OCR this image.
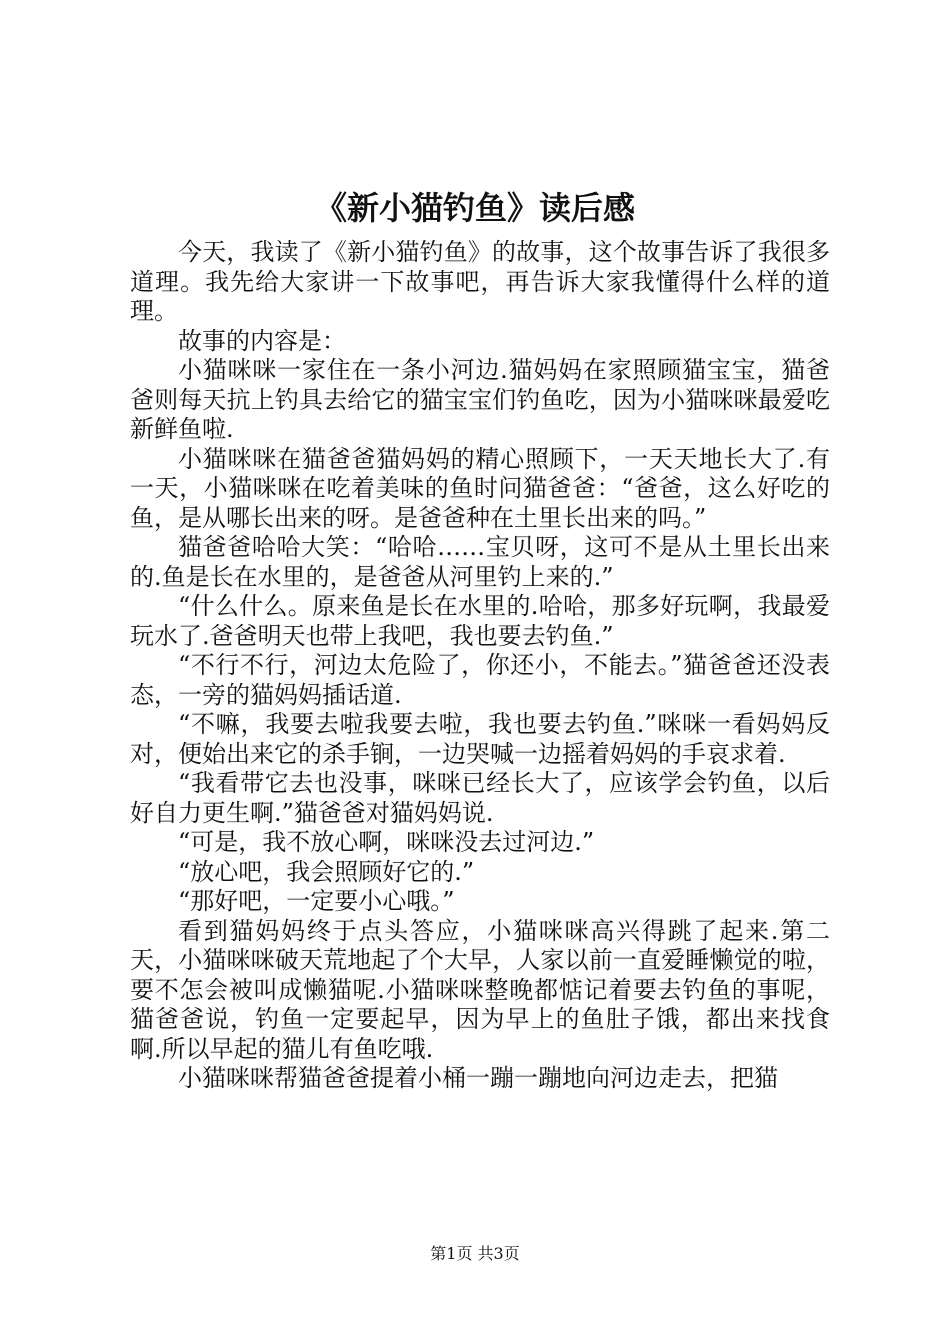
《新小猫钓鱼》读后感

今天，我读了《新小猫钓鱼》的故事，这个故事告诉了我很多道理。我先给大家讲一下故事吧，再告诉大家我懂得什么样的道理。

故事的内容是：

小猫咪咪一家住在一条小河边.猫妈妈在家照顾猫宝宝，猫爸爸则每天抗上钓具去给它的猫宝宝们钓鱼吃，因为小猫咪咪最爱吃新鲜鱼啦.

小猫咪咪在猫爸爸猫妈妈的精心照顾下，一天天地长大了.有一天，小猫咪咪在吃着美味的鱼时问猫爸爸：“爸爸，这么好吃的鱼，是从哪长出来的呀。是爸爸种在土里长出来的吗。”

猫爸爸哈哈大笑：“哈哈……宝贝呀，这可不是从土里长出来的.鱼是长在水里的，是爸爸从河里钓上来的.”

“什么什么。原来鱼是长在水里的.哈哈，那多好玩啊，我最爱玩水了.爸爸明天也带上我吧，我也要去钓鱼.”

“不行不行，河边太危险了，你还小，不能去。”猫爸爸还没表态，一旁的猫妈妈插话道.

“不嘛，我要去啦我要去啦，我也要去钓鱼.”咪咪一看妈妈反对，便始出来它的杀手锏，一边哭喊一边摇着妈妈的手哀求着.

“我看带它去也没事，咪咪已经长大了，应该学会钓鱼，以后好自力更生啊.”猫爸爸对猫妈妈说.

“可是，我不放心啊，咪咪没去过河边.”

“放心吧，我会照顾好它的.”

“那好吧，一定要小心哦。”

看到猫妈妈终于点头答应，小猫咪咪高兴得跳了起来.第二天，小猫咪咪破天荒地起了个大早，人家以前一直爱睡懒觉的啦，要不怎会被叫成懒猫呢.小猫咪咪整晚都惦记着要去钓鱼的事呢，猫爸爸说，钓鱼一定要起早，因为早上的鱼肚子饿，都出来找食啊.所以早起的猫儿有鱼吃哦.

小猫咪咪帮猫爸爸提着小桶一蹦一蹦地向河边走去，把猫

第1页 共3页
